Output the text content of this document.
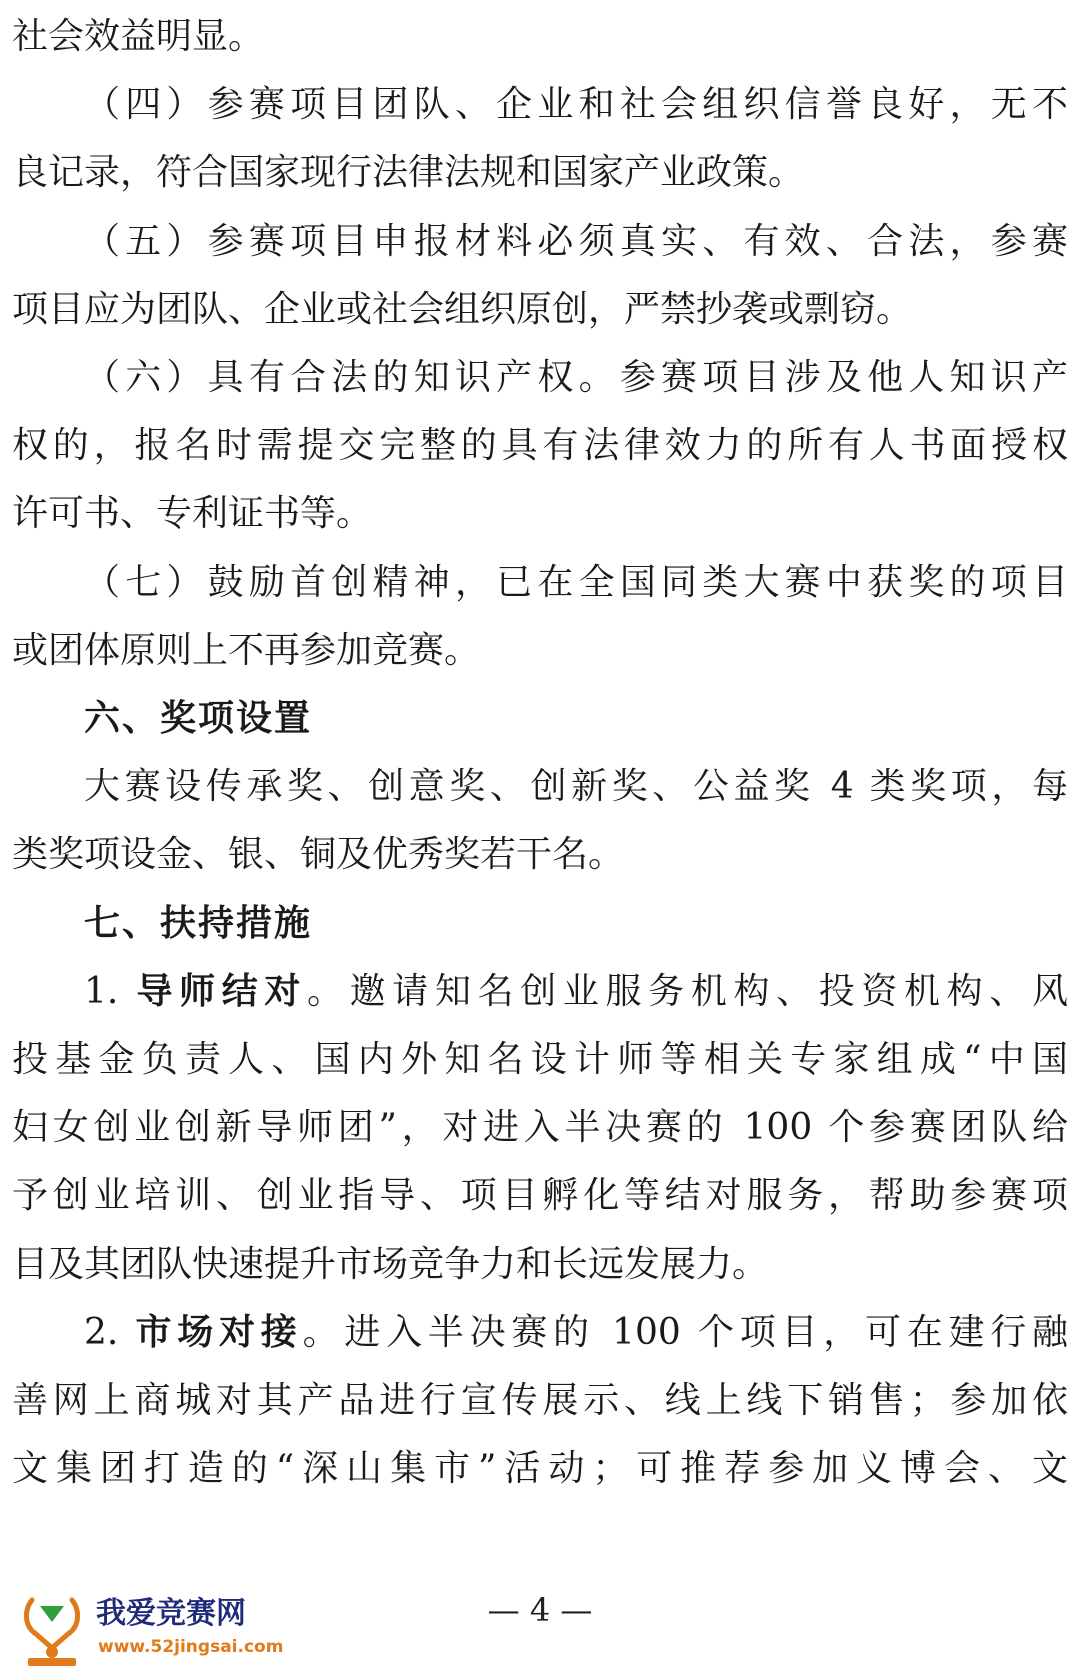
社会效益明显。
（四）参赛项目团队、企业和社会组织信誉良好，无不
良记录，符合国家现行法律法规和国家产业政策。
（五）参赛项目申报材料必须真实、有效、合法，参赛
项目应为团队、企业或社会组织原创，严禁抄袭或剽窃。
（六）具有合法的知识产权。参赛项目涉及他人知识产
权的，报名时需提交完整的具有法律效力的所有人书面授权
许可书、专利证书等。
（七）鼓励首创精神，已在全国同类大赛中获奖的项目
或团体原则上不再参加竞赛。
六、奖项设置
大赛设传承奖、创意奖、创新奖、公益奖 4 类奖项，每
类奖项设金、银、铜及优秀奖若干名。
七、扶持措施
1. 导师结对。邀请知名创业服务机构、投资机构、风
投基金负责人、国内外知名设计师等相关专家组成“中国
妇女创业创新导师团”，对进入半决赛的 100 个参赛团队给
予创业培训、创业指导、项目孵化等结对服务，帮助参赛项
目及其团队快速提升市场竞争力和长远发展力。
2. 市场对接。进入半决赛的 100 个项目，可在建行融
善网上商城对其产品进行宣传展示、线上线下销售；参加依
文集团打造的“深山集市”活动；可推荐参加义博会、文
— 4 —
我爱竞赛网
www.52jingsai.com
